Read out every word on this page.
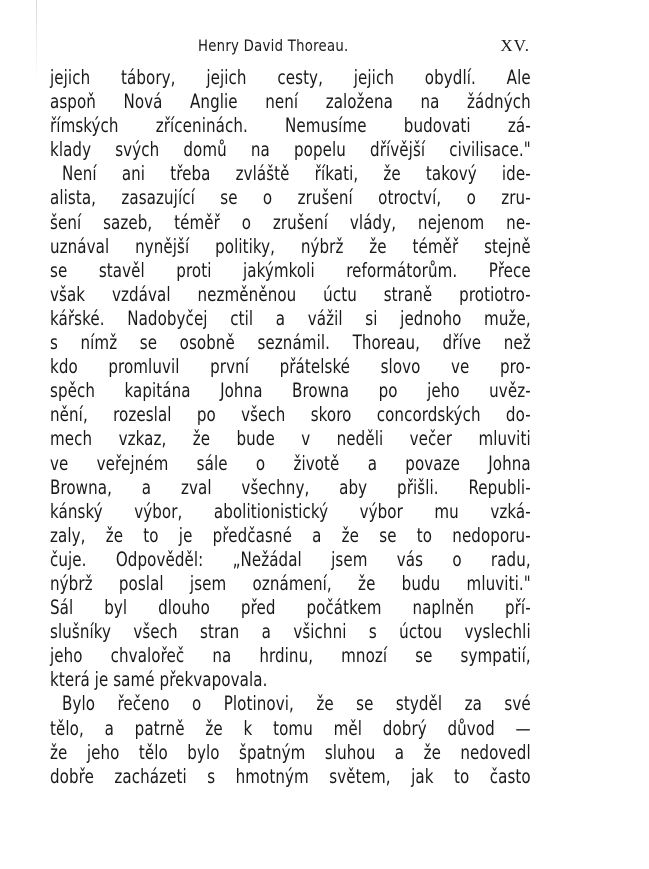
Henry David Thoreau.	XV.
jejich tábory, jejich cesty, jejich obydlí. Ale
aspoň Nová Anglie není založena na žádných
římských zříceninách. Nemusíme budovati zá-
klady svých domů na popelu dřívější civilisace."
Není ani třeba zvláště říkati, že takový ide-
alista, zasazující se o zrušení otroctví, o zru-
šení sazeb, téměř o zrušení vlády, nejenom ne-
uznával nynější politiky, nýbrž že téměř stejně
se stavěl proti jakýmkoli reformátorům. Přece
však vzdával nezměněnou úctu straně protiotro-
kářské. Nadobyčej ctil a vážil si jednoho muže,
s nímž se osobně seznámil. Thoreau, dříve než
kdo promluvil první přátelské slovo ve pro-
spěch kapitána Johna Browna po jeho uvěz-
nění, rozeslal po všech skoro concordských do-
mech vzkaz, že bude v neděli večer mluviti
ve veřejném sále o životě a povaze Johna
Browna, a zval všechny, aby přišli. Republi-
kánský výbor, abolitionistický výbor mu vzká-
zaly, že to je předčasné a že se to nedoporu-
čuje. Odpověděl: „Nežádal jsem vás o radu,
nýbrž poslal jsem oznámení, že budu mluviti."
Sál byl dlouho před počátkem naplněn pří-
slušníky všech stran a všichni s úctou vyslechli
jeho chvalořeč na hrdinu, mnozí se sympatií,
která je samé překvapovala.
Bylo řečeno o Plotinovi, že se styděl za své
tělo, a patrně že k tomu měl dobrý důvod —
že jeho tělo bylo špatným sluhou a že nedovedl
dobře zacházeti s hmotným světem, jak to často
